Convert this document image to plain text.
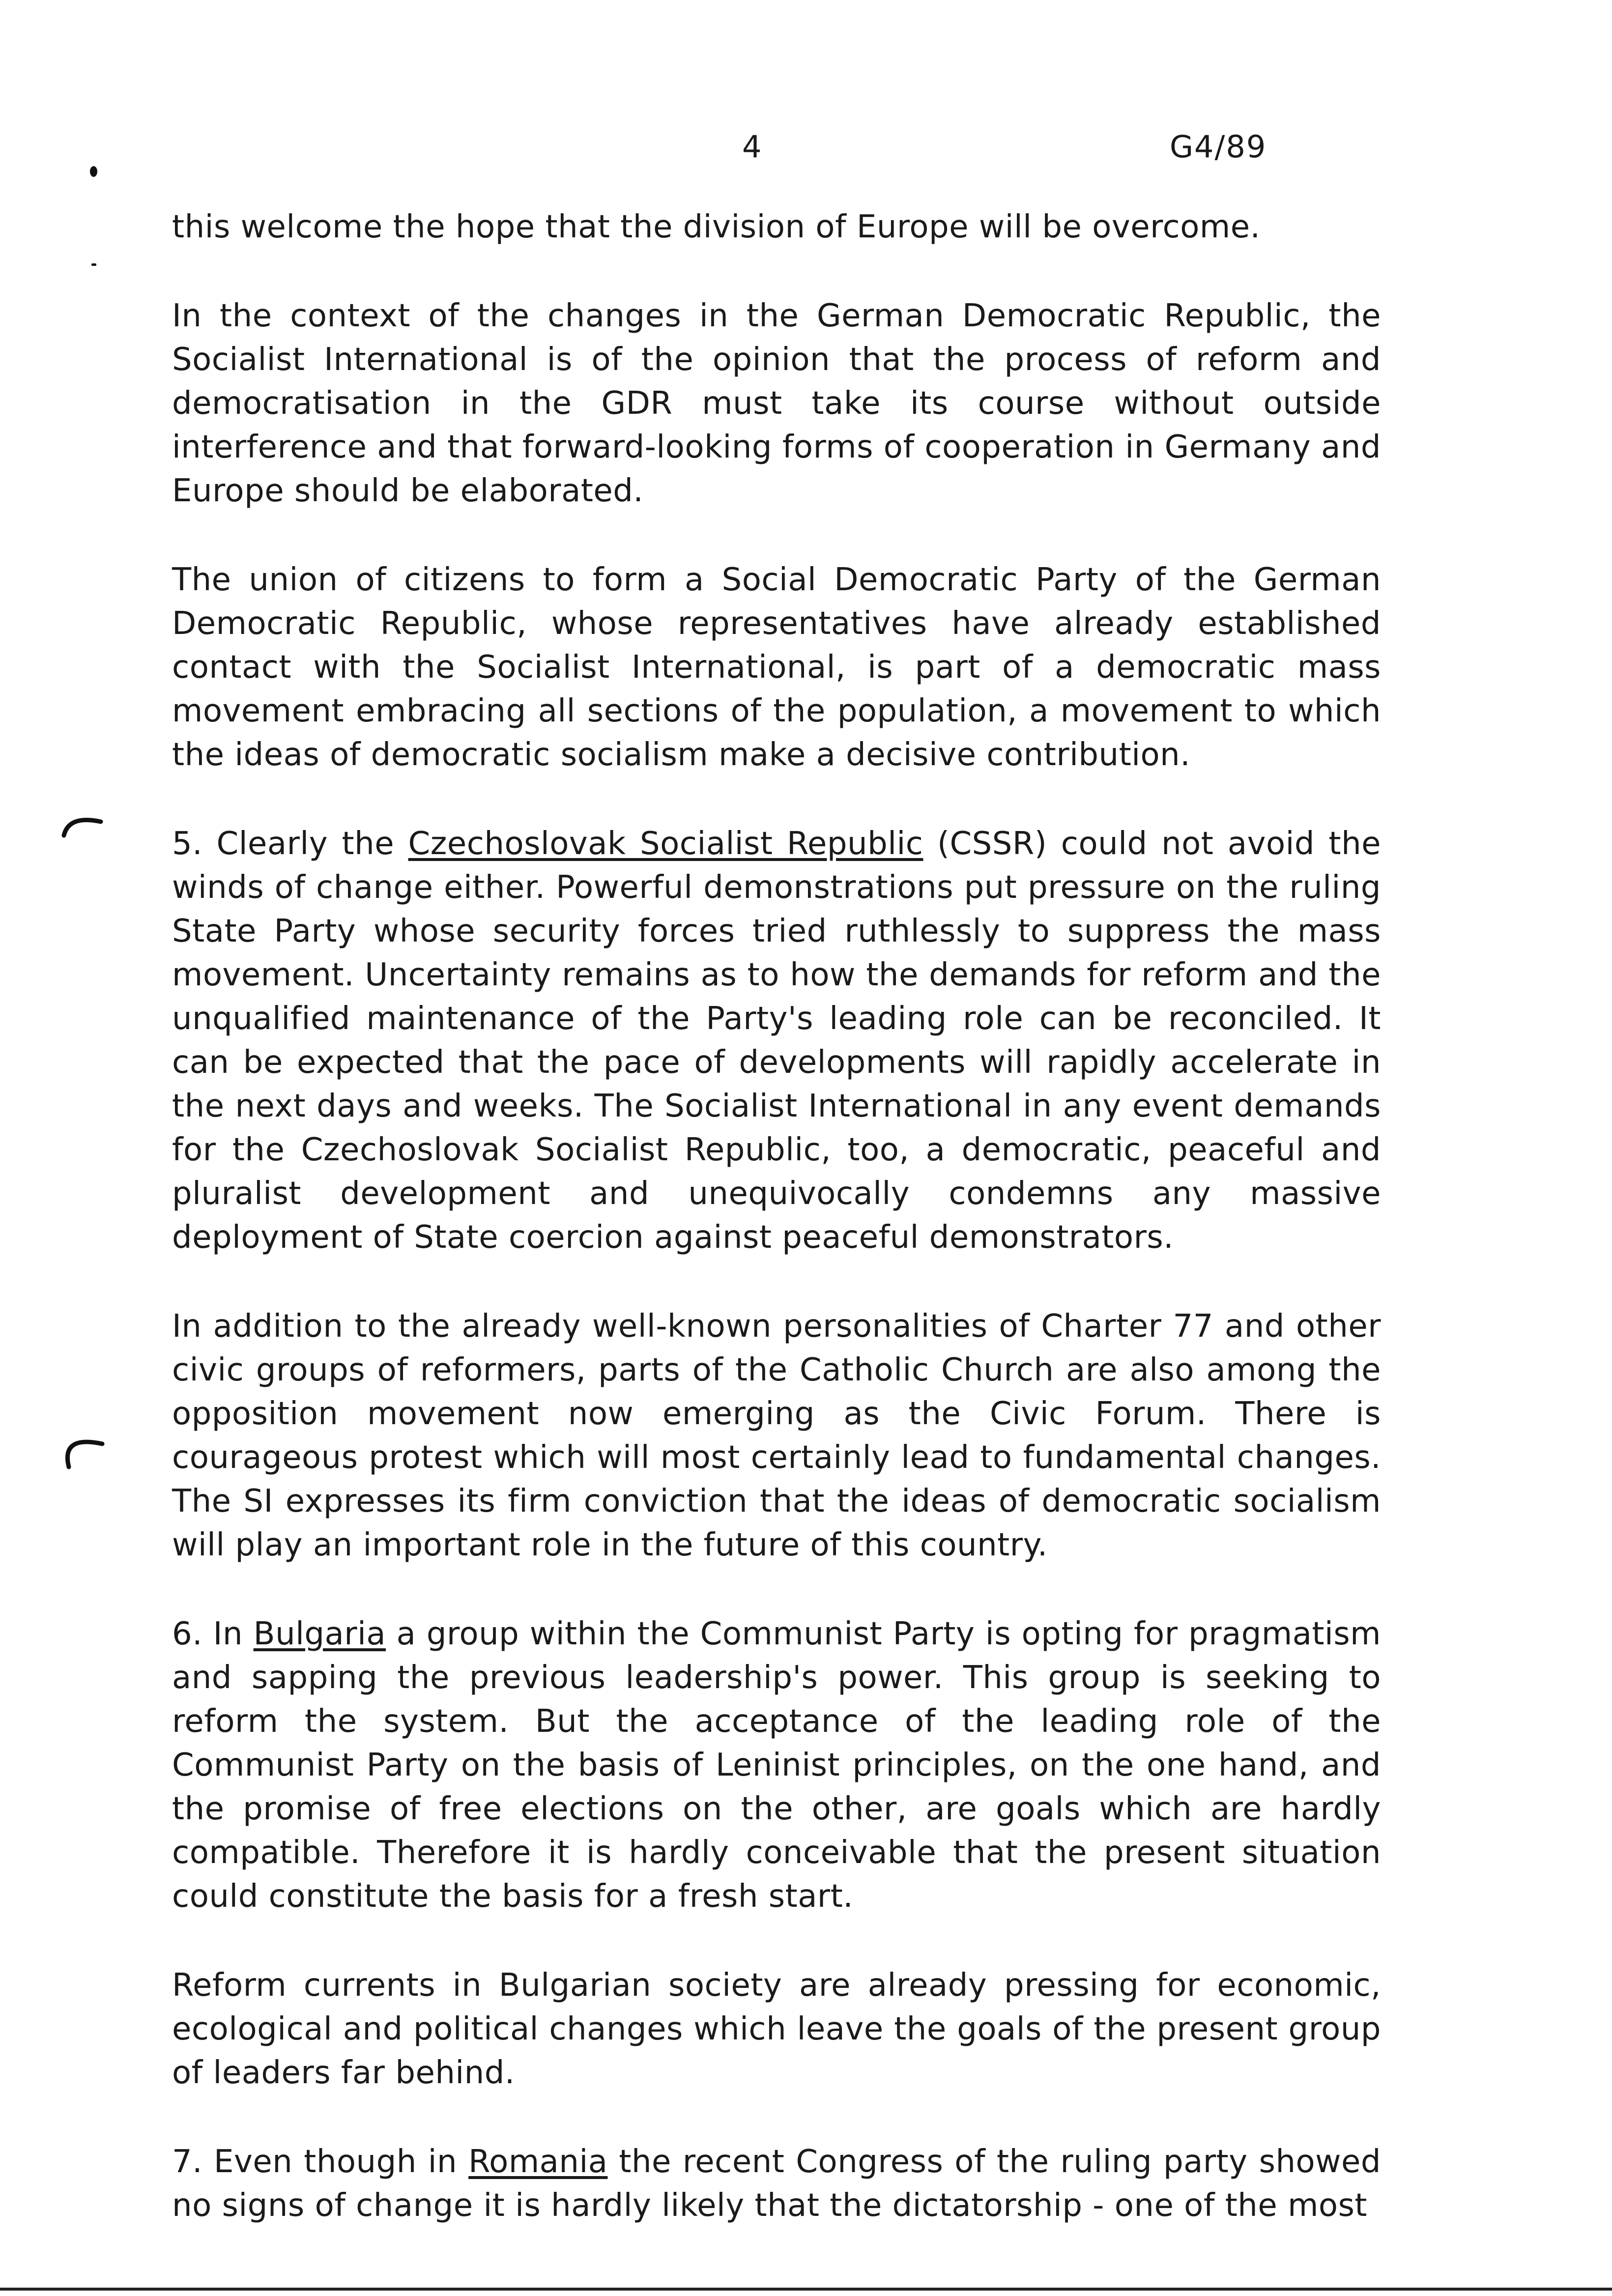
4	G4/89

this welcome the hope that the division of Europe will be overcome.

In the context of the changes in the German Democratic Republic, the Socialist International is of the opinion that the process of reform and democratisation in the GDR must take its course without outside interference and that forward-looking forms of cooperation in Germany and Europe should be elaborated.

The union of citizens to form a Social Democratic Party of the German Democratic Republic, whose representatives have already established contact with the Socialist International, is part of a democratic mass movement embracing all sections of the population, a movement to which the ideas of democratic socialism make a decisive contribution.

5. Clearly the Czechoslovak Socialist Republic (CSSR) could not avoid the winds of change either. Powerful demonstrations put pressure on the ruling State Party whose security forces tried ruthlessly to suppress the mass movement. Uncertainty remains as to how the demands for reform and the unqualified maintenance of the Party's leading role can be reconciled. It can be expected that the pace of developments will rapidly accelerate in the next days and weeks. The Socialist International in any event demands for the Czechoslovak Socialist Republic, too, a democratic, peaceful and pluralist development and unequivocally condemns any massive deployment of State coercion against peaceful demonstrators.

In addition to the already well-known personalities of Charter 77 and other civic groups of reformers, parts of the Catholic Church are also among the opposition movement now emerging as the Civic Forum. There is courageous protest which will most certainly lead to fundamental changes. The SI expresses its firm conviction that the ideas of democratic socialism will play an important role in the future of this country.

6. In Bulgaria a group within the Communist Party is opting for pragmatism and sapping the previous leadership's power. This group is seeking to reform the system. But the acceptance of the leading role of the Communist Party on the basis of Leninist principles, on the one hand, and the promise of free elections on the other, are goals which are hardly compatible. Therefore it is hardly conceivable that the present situation could constitute the basis for a fresh start.

Reform currents in Bulgarian society are already pressing for economic, ecological and political changes which leave the goals of the present group of leaders far behind.

7. Even though in Romania the recent Congress of the ruling party showed no signs of change it is hardly likely that the dictatorship - one of the most
